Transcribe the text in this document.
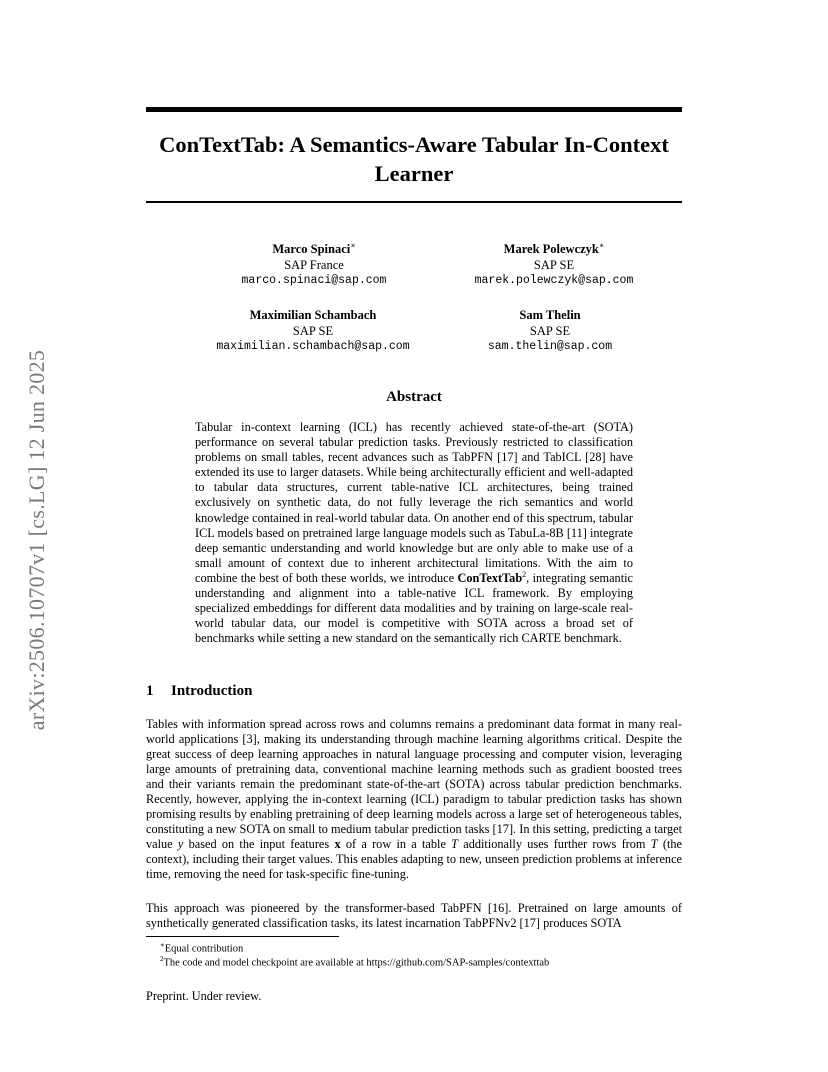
arXiv:2506.10707v1 [cs.LG] 12 Jun 2025
ConTextTab: A Semantics-Aware Tabular In-Context Learner
Marco Spinaci∗
SAP France
marco.spinaci@sap.com
Marek Polewczyk∗
SAP SE
marek.polewczyk@sap.com
Maximilian Schambach
SAP SE
maximilian.schambach@sap.com
Sam Thelin
SAP SE
sam.thelin@sap.com
Abstract
Tabular in-context learning (ICL) has recently achieved state-of-the-art (SOTA) performance on several tabular prediction tasks. Previously restricted to classification problems on small tables, recent advances such as TabPFN [17] and TabICL [28] have extended its use to larger datasets. While being architecturally efficient and well-adapted to tabular data structures, current table-native ICL architectures, being trained exclusively on synthetic data, do not fully leverage the rich semantics and world knowledge contained in real-world tabular data. On another end of this spectrum, tabular ICL models based on pretrained large language models such as TabuLa-8B [11] integrate deep semantic understanding and world knowledge but are only able to make use of a small amount of context due to inherent architectural limitations. With the aim to combine the best of both these worlds, we introduce ConTextTab$^2$, integrating semantic understanding and alignment into a table-native ICL framework. By employing specialized embeddings for different data modalities and by training on large-scale real-world tabular data, our model is competitive with SOTA across a broad set of benchmarks while setting a new standard on the semantically rich CARTE benchmark.
1 Introduction
Tables with information spread across rows and columns remains a predominant data format in many real-world applications [3], making its understanding through machine learning algorithms critical. Despite the great success of deep learning approaches in natural language processing and computer vision, leveraging large amounts of pretraining data, conventional machine learning methods such as gradient boosted trees and their variants remain the predominant state-of-the-art (SOTA) across tabular prediction benchmarks. Recently, however, applying the in-context learning (ICL) paradigm to tabular prediction tasks has shown promising results by enabling pretraining of deep learning models across a large set of heterogeneous tables, constituting a new SOTA on small to medium tabular prediction tasks [17]. In this setting, predicting a target value y based on the input features x of a row in a table T additionally uses further rows from T (the context), including their target values. This enables adapting to new, unseen prediction problems at inference time, removing the need for task-specific fine-tuning.
This approach was pioneered by the transformer-based TabPFN [16]. Pretrained on large amounts of synthetically generated classification tasks, its latest incarnation TabPFNv2 [17] produces SOTA
∗Equal contribution
$^2$The code and model checkpoint are available at https://github.com/SAP-samples/contexttab
Preprint. Under review.
